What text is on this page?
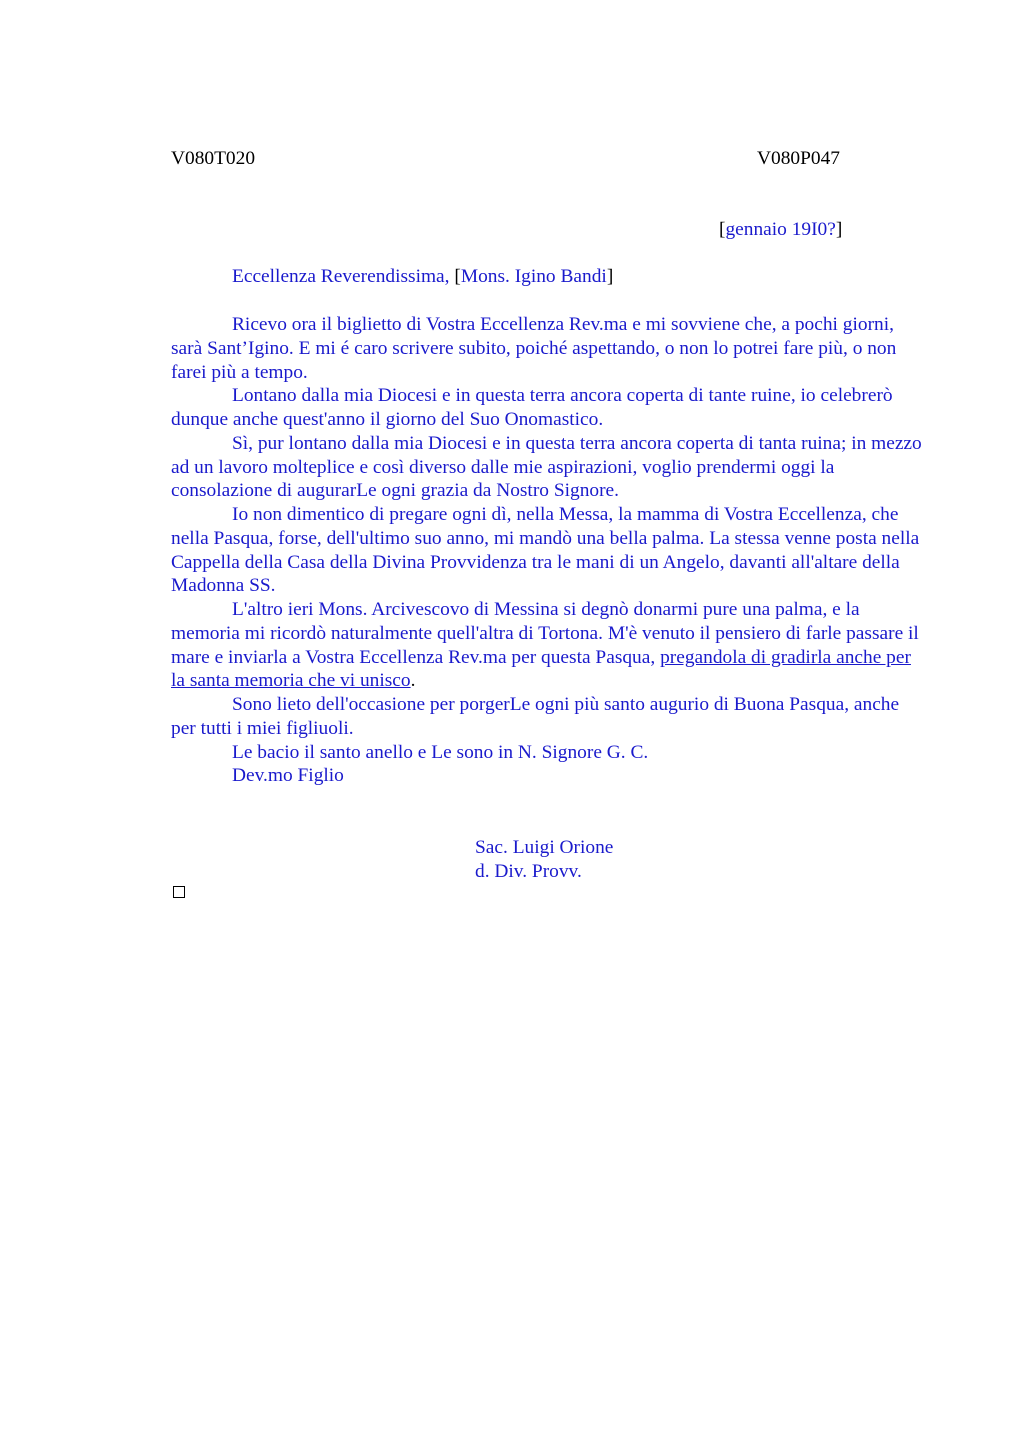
V080T020	V080P047
[gennaio 19I0?]
Eccellenza Reverendissima, [Mons. Igino Bandi]

Ricevo ora il biglietto di Vostra Eccellenza Rev.ma e mi sovviene che, a pochi giorni, sarà Sant’Igino. E mi é caro scrivere subito, poiché aspettando, o non lo potrei fare più, o non farei più a tempo.

Lontano dalla mia Diocesi e in questa terra ancora coperta di tante ruine, io celebrerò dunque anche quest'anno il giorno del Suo Onomastico.

Sì, pur lontano dalla mia Diocesi e in questa terra ancora coperta di tanta ruina; in mezzo ad un lavoro molteplice e così diverso dalle mie aspirazioni, voglio prendermi oggi la consolazione di augurarLe ogni grazia da Nostro Signore.

Io non dimentico di pregare ogni dì, nella Messa, la mamma di Vostra Eccellenza, che nella Pasqua, forse, dell'ultimo suo anno, mi mandò una bella palma. La stessa venne posta nella Cappella della Casa della Divina Provvidenza tra le mani di un Angelo, davanti all'altare della Madonna SS.

L'altro ieri Mons. Arcivescovo di Messina si degnò donarmi pure una palma, e la memoria mi ricordò naturalmente quell'altra di Tortona. M'è venuto il pensiero di farle passare il mare e inviarla a Vostra Eccellenza Rev.ma per questa Pasqua, pregandola di gradirla anche per la santa memoria che vi unisco.

Sono lieto dell'occasione per porgerLe ogni più santo augurio di Buona Pasqua, anche per tutti i miei figliuoli.

Le bacio il santo anello e Le sono in N. Signore G. C.

Dev.mo Figlio

Sac. Luigi Orione
d. Div. Provv.
